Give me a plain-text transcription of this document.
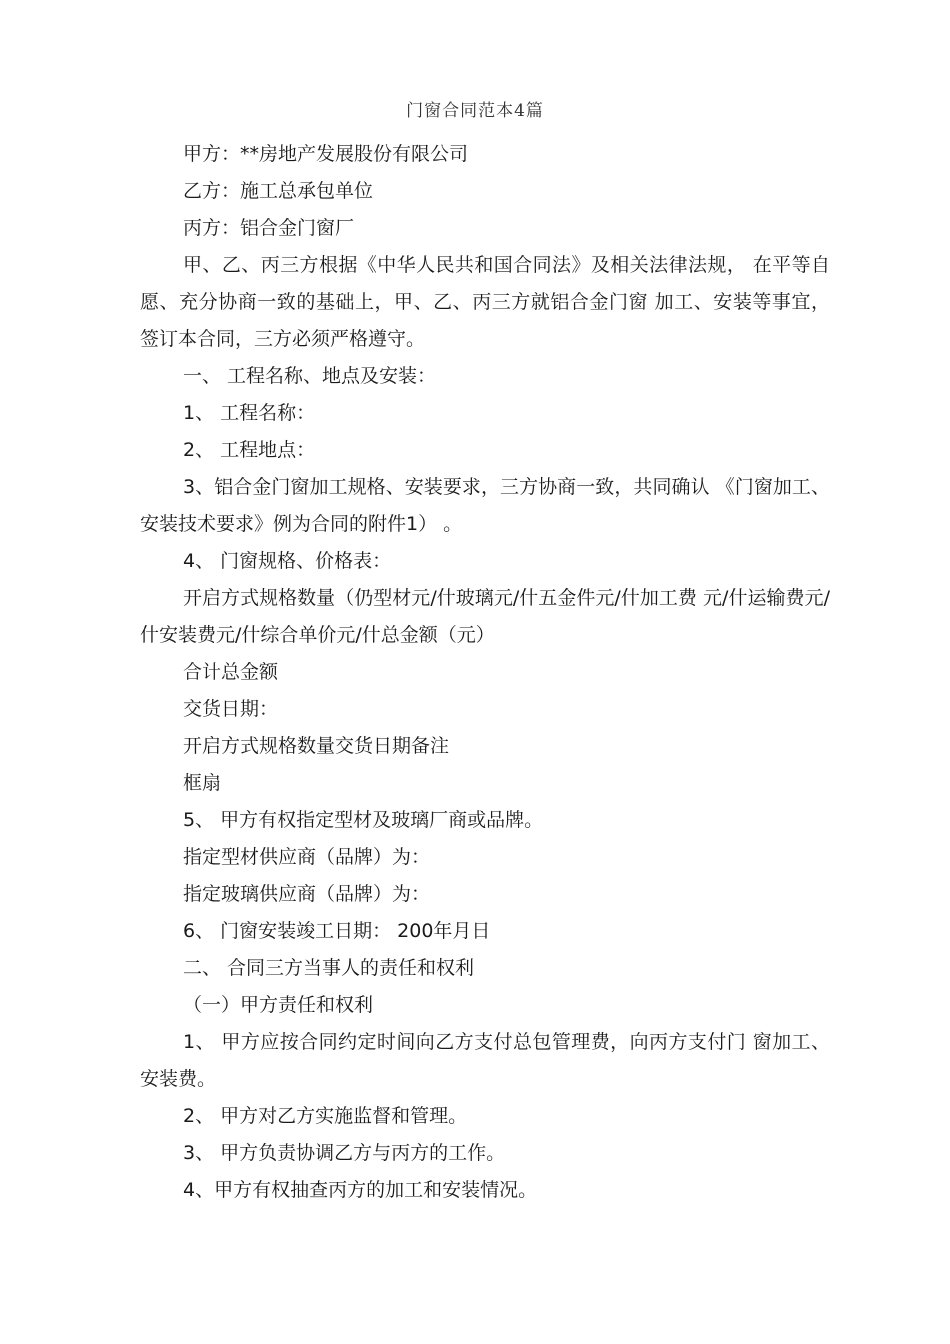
门窗合同范本4篇

甲方：**房地产发展股份有限公司

乙方：施工总承包单位

丙方：铝合金门窗厂

甲、乙、丙三方根据《中华人民共和国合同法》及相关法律法规， 在平等自愿、充分协商一致的基础上，甲、乙、丙三方就铝合金门窗 加工、安装等事宜，签订本合同，三方必须严格遵守。

一、 工程名称、地点及安装：

1、 工程名称：

2、 工程地点：

3、铝合金门窗加工规格、安装要求，三方协商一致，共同确认 《门窗加工、安装技术要求》例为合同的附件1） 。

4、 门窗规格、价格表：

开启方式规格数量（仍型材元/什玻璃元/什五金件元/什加工费 元/什运输费元/什安装费元/什综合单价元/什总金额（元）

合计总金额

交货日期：

开启方式规格数量交货日期备注

框扇

5、 甲方有权指定型材及玻璃厂商或品牌。

指定型材供应商（品牌）为：

指定玻璃供应商（品牌）为：

6、 门窗安装竣工日期： 200年月日

二、 合同三方当事人的责任和权利

（一）甲方责任和权利

1、 甲方应按合同约定时间向乙方支付总包管理费，向丙方支付门 窗加工、安装费。

2、 甲方对乙方实施监督和管理。

3、 甲方负责协调乙方与丙方的工作。

4、甲方有权抽查丙方的加工和安装情况。
